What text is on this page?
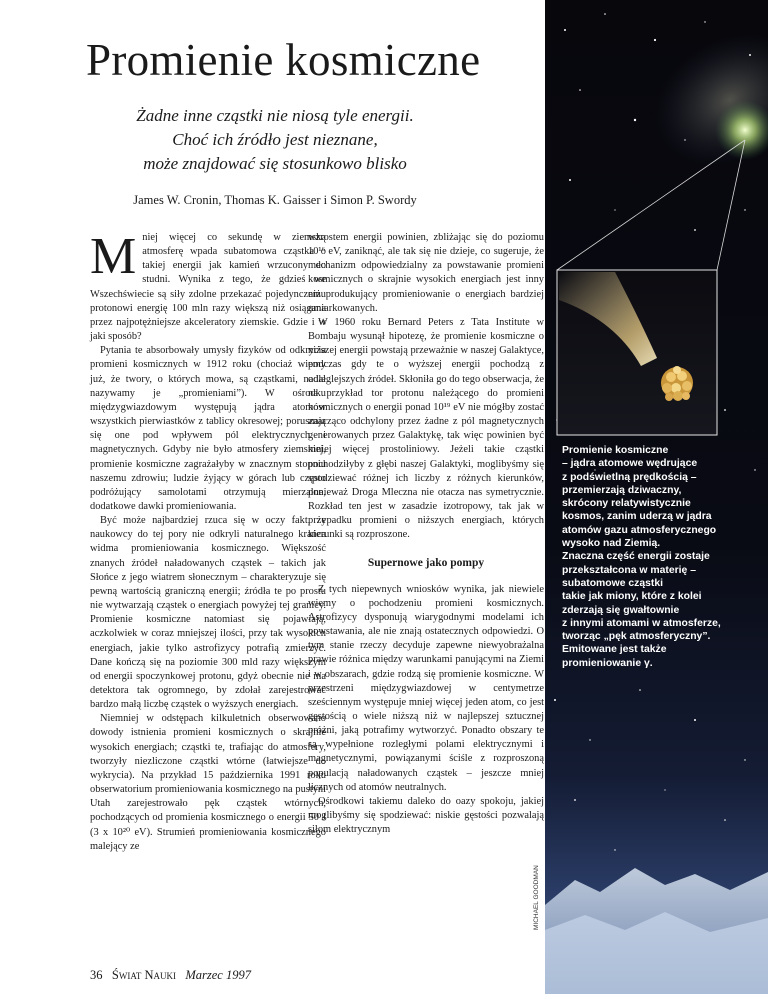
Promienie kosmiczne
Żadne inne cząstki nie niosą tyle energii.
Choć ich źródło jest nieznane,
może znajdować się stosunkowo blisko
James W. Cronin, Thomas K. Gaisser i Simon P. Swordy

Mniej więcej co sekundę w ziemską atmosferę wpada subatomowa cząstka o takiej energii jak kamień wrzucony do studni. Wynika z tego, że gdzieś we Wszechświecie są siły zdolne przekazać pojedynczemu protonowi energię 100 mln razy większą niż osiągana przez najpotężniejsze akceleratory ziemskie. Gdzie i w jaki sposób?

Pytania te absorbowały umysły fizyków od odkrycia promieni kosmicznych w 1912 roku (chociaż wiemy już, że twory, o których mowa, są cząstkami, nadal nazywamy je „promieniami”). W ośrodku międzygwiazdowym występują jądra atomów wszystkich pierwiastków z tablicy okresowej; poruszają się one pod wpływem pól elektrycznych i magnetycznych. Gdyby nie było atmosfery ziemskiej, promienie kosmiczne zagrażałyby w znacznym stopniu naszemu zdrowiu; ludzie żyjący w górach lub często podróżujący samolotami otrzymują mierzalne, dodatkowe dawki promieniowania.

Być może najbardziej rzuca się w oczy fakt, że naukowcy do tej pory nie odkryli naturalnego krańca widma promieniowania kosmicznego. Większość znanych źródeł naładowanych cząstek – takich jak Słońce z jego wiatrem słonecznym – charakteryzuje się pewną wartością graniczną energii; źródła te po prostu nie wytwarzają cząstek o energiach powyżej tej granicy. Promienie kosmiczne natomiast się pojawiają, aczkolwiek w coraz mniejszej ilości, przy tak wysokich energiach, jakie tylko astrofizycy potrafią zmierzyć. Dane kończą się na poziomie 300 mld razy większym od energii spoczynkowej protonu, gdyż obecnie nie ma detektora tak ogromnego, by zdołał zarejestrować bardzo małą liczbę cząstek o wyższych energiach.

Niemniej w odstępach kilkuletnich obserwowano dowody istnienia promieni kosmicznych o skrajnie wysokich energiach; cząstki te, trafiając do atmosfery, tworzyły niezliczone cząstki wtórne (łatwiejsze do wykrycia). Na przykład 15 października 1991 roku obserwatorium promieniowania kosmicznego na pustyni Utah zarejestrowało pęk cząstek wtórnych, pochodzących od promienia kosmicznego o energii 50 J (3 x 10²⁰ eV). Strumień promieniowania kosmicznego malejący ze

wzrostem energii powinien, zbliżając się do poziomu 10¹⁶ eV, zaniknąć, ale tak się nie dzieje, co sugeruje, że mechanizm odpowiedzialny za powstawanie promieni kosmicznych o skrajnie wysokich energiach jest inny niż produkujący promieniowanie o energiach bardziej umiarkowanych.

W 1960 roku Bernard Peters z Tata Institute w Bombaju wysunął hipotezę, że promienie kosmiczne o niższej energii powstają przeważnie w naszej Galaktyce, podczas gdy te o wyższej energii pochodzą z odleglejszych źródeł. Skłoniła go do tego obserwacja, że na przykład tor protonu należącego do promieni kosmicznych o energii ponad 10¹⁹ eV nie mógłby zostać znacząco odchylony przez żadne z pól magnetycznych generowanych przez Galaktykę, tak więc powinien być mniej więcej prostoliniowy. Jeżeli takie cząstki pochodziłyby z głębi naszej Galaktyki, moglibyśmy się spodziewać różnej ich liczby z różnych kierunków, ponieważ Droga Mleczna nie otacza nas symetrycznie. Rozkład ten jest w zasadzie izotropowy, tak jak w przypadku promieni o niższych energiach, których kierunki są rozproszone.

Supernowe jako pompy

Z tych niepewnych wniosków wynika, jak niewiele wiemy o pochodzeniu promieni kosmicznych. Astrofizycy dysponują wiarygodnymi modelami ich powstawania, ale nie znają ostatecznych odpowiedzi. O tym stanie rzeczy decyduje zapewne niewyobrażalna prawie różnica między warunkami panującymi na Ziemi i w obszarach, gdzie rodzą się promienie kosmiczne. W przestrzeni międzygwiazdowej w centymetrze sześciennym występuje mniej więcej jeden atom, co jest gęstością o wiele niższą niż w najlepszej sztucznej próżni, jaką potrafimy wytworzyć. Ponadto obszary te są wypełnione rozległymi polami elektrycznymi i magnetycznymi, powiązanymi ściśle z rozproszoną populacją naładowanych cząstek – jeszcze mniej licznych od atomów neutralnych.

Ośrodkowi takiemu daleko do oazy spokoju, jakiej moglibyśmy się spodziewać: niskie gęstości pozwalają siłom elektrycznym

36 Świat Nauki Marzec 1997

Promienie kosmiczne

– jądra atomowe wędrujące

z podświetlną prędkością –

przemierzają dziwaczny,

skrócony relatywistycznie

kosmos, zanim uderzą w jądra

atomów gazu atmosferycznego

wysoko nad Ziemią.

Znaczna część energii zostaje

przekształcona w materię –

subatomowe cząstki

takie jak miony, które z kolei

zderzają się gwałtownie

z innymi atomami w atmosferze,

tworząc „pęk atmosferyczny”.

Emitowane jest także

promieniowanie γ.
